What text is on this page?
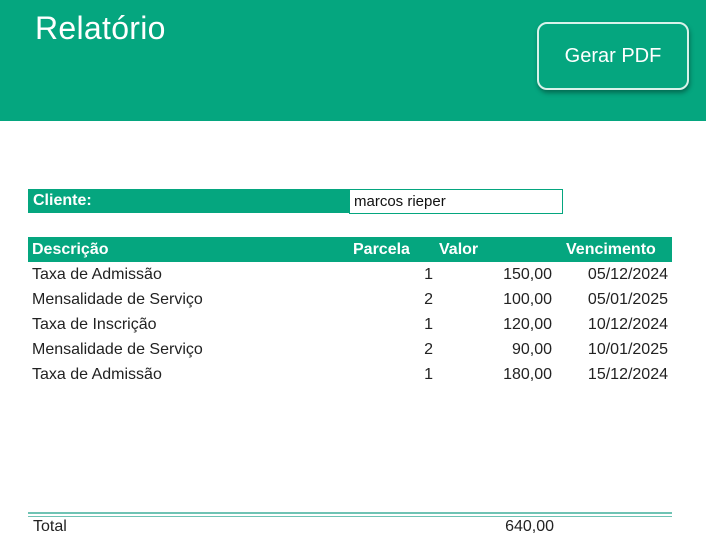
Relatório
Gerar PDF
Cliente:
marcos rieper
Descrição	Parcela Valor	Vencimento
Taxa de Admissão	1	150,00	05/12/2024
Mensalidade de Serviço	2	100,00	05/01/2025
Taxa de Inscrição	1	120,00	10/12/2024
Mensalidade de Serviço	2	90,00	10/01/2025
Taxa de Admissão	1	180,00	15/12/2024
Total	640,00
